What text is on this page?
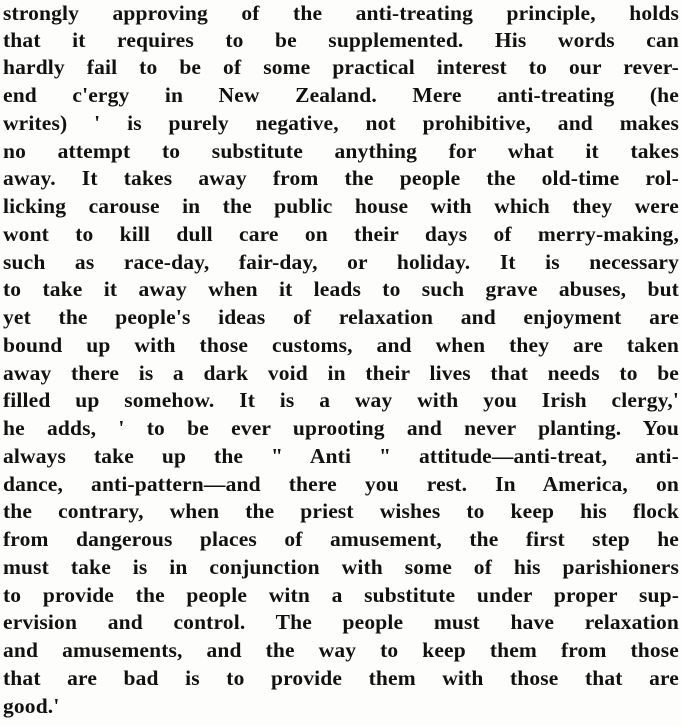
strongly approving of the anti-treating principle, holds
that it requires to be supplemented. His words can
hardly fail to be of some practical interest to our rever-
end c'ergy in New Zealand. Mere anti-treating (he
writes) ' is purely negative, not prohibitive, and makes
no attempt to substitute anything for what it takes
away. It takes away from the people the old-time rol-
licking carouse in the public house with which they were
wont to kill dull care on their days of merry-making,
such as race-day, fair-day, or holiday. It is necessary
to take it away when it leads to such grave abuses, but
yet the people's ideas of relaxation and enjoyment are
bound up with those customs, and when they are taken
away there is a dark void in their lives that needs to be
filled up somehow. It is a way with you Irish clergy,'
he adds, ' to be ever uprooting and never planting. You
always take up the " Anti " attitude—anti-treat, anti-
dance, anti-pattern—and there you rest. In America, on
the contrary, when the priest wishes to keep his flock
from dangerous places of amusement, the first step he
must take is in conjunction with some of his parishioners
to provide the people witn a substitute under proper sup-
ervision and control. The people must have relaxation
and amusements, and the way to keep them from those
that are bad is to provide them with those that are
good.'
